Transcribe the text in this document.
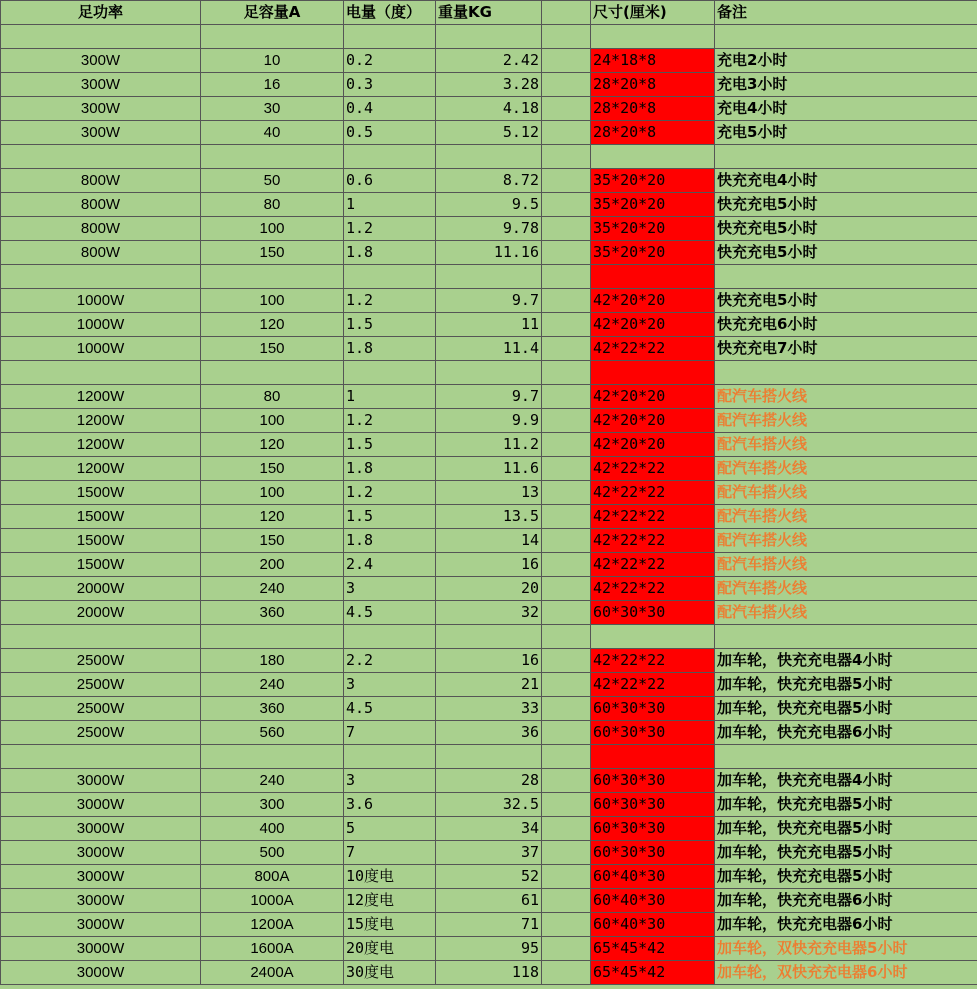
足功率	足容量A	电量（度）	重量KG		尺寸(厘米)	备注

300W	10	0.2	2.42		24*18*8	充电2小时
300W	16	0.3	3.28		28*20*8	充电3小时
300W	30	0.4	4.18		28*20*8	充电4小时
300W	40	0.5	5.12		28*20*8	充电5小时

800W	50	0.6	8.72		35*20*20	快充充电4小时
800W	80	1	9.5		35*20*20	快充充电5小时
800W	100	1.2	9.78		35*20*20	快充充电5小时
800W	150	1.8	11.16		35*20*20	快充充电5小时

1000W	100	1.2	9.7		42*20*20	快充充电5小时
1000W	120	1.5	11		42*20*20	快充充电6小时
1000W	150	1.8	11.4		42*22*22	快充充电7小时

1200W	80	1	9.7		42*20*20	配汽车搭火线
1200W	100	1.2	9.9		42*20*20	配汽车搭火线
1200W	120	1.5	11.2		42*20*20	配汽车搭火线
1200W	150	1.8	11.6		42*22*22	配汽车搭火线
1500W	100	1.2	13		42*22*22	配汽车搭火线
1500W	120	1.5	13.5		42*22*22	配汽车搭火线
1500W	150	1.8	14		42*22*22	配汽车搭火线
1500W	200	2.4	16		42*22*22	配汽车搭火线
2000W	240	3	20		42*22*22	配汽车搭火线
2000W	360	4.5	32		60*30*30	配汽车搭火线

2500W	180	2.2	16		42*22*22	加车轮，快充充电器4小时
2500W	240	3	21		42*22*22	加车轮，快充充电器5小时
2500W	360	4.5	33		60*30*30	加车轮，快充充电器5小时
2500W	560	7	36		60*30*30	加车轮，快充充电器6小时

3000W	240	3	28		60*30*30	加车轮，快充充电器4小时
3000W	300	3.6	32.5		60*30*30	加车轮，快充充电器5小时
3000W	400	5	34		60*30*30	加车轮，快充充电器5小时
3000W	500	7	37		60*30*30	加车轮，快充充电器5小时
3000W	800A	10度电	52		60*40*30	加车轮，快充充电器5小时
3000W	1000A	12度电	61		60*40*30	加车轮，快充充电器6小时
3000W	1200A	15度电	71		60*40*30	加车轮，快充充电器6小时
3000W	1600A	20度电	95		65*45*42	加车轮，双快充充电器5小时
3000W	2400A	30度电	118		65*45*42	加车轮，双快充充电器6小时
